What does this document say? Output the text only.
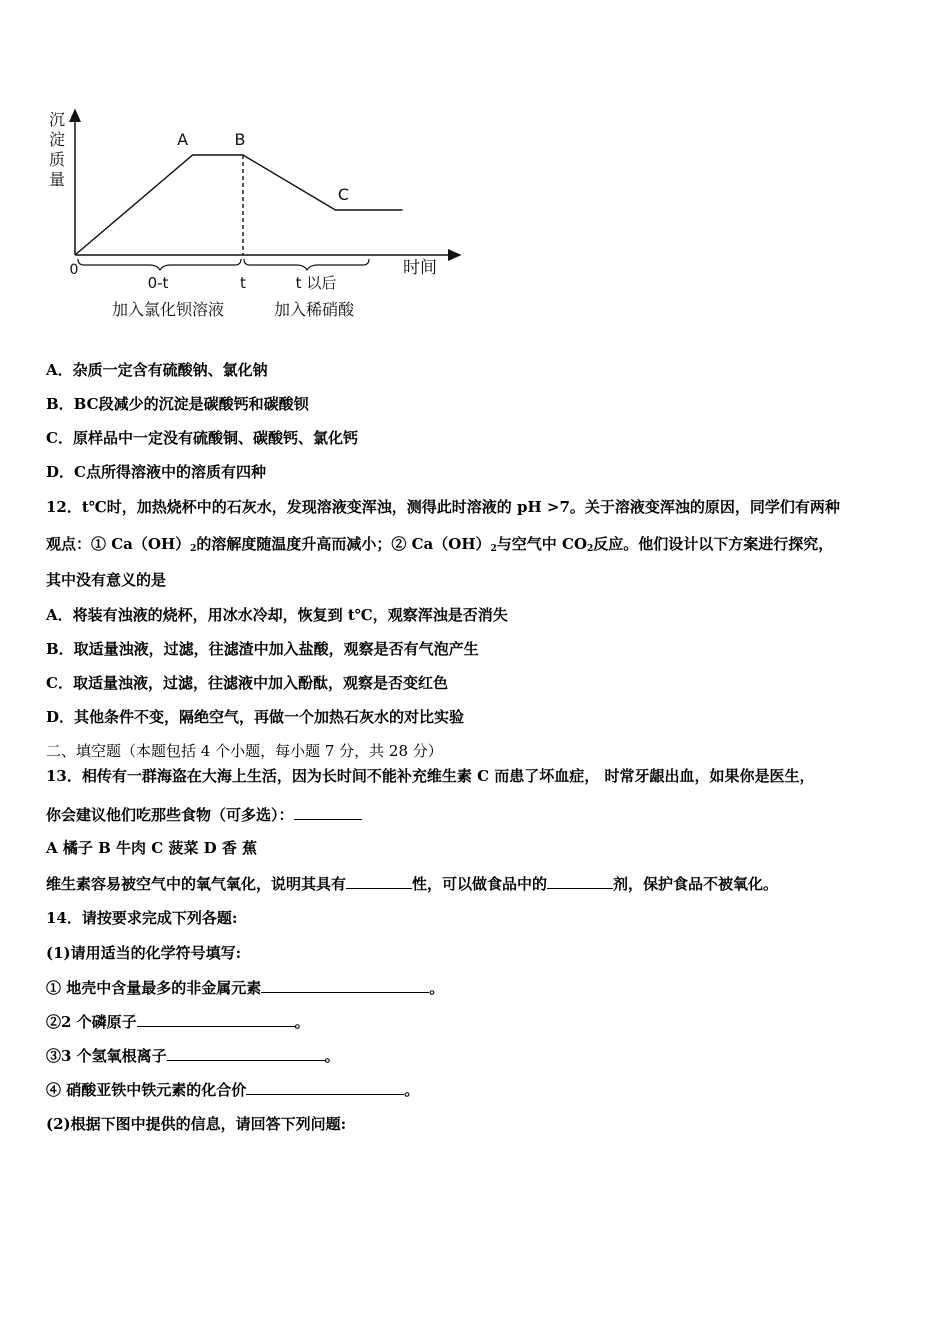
A	B
C
沉淀质量
时间
0
0-t	t	t 以后
加入氯化钡溶液	加入稀硝酸
A．杂质一定含有硫酸钠、氯化钠
B．BC段减少的沉淀是碳酸钙和碳酸钡
C．原样品中一定没有硫酸铜、碳酸钙、氯化钙
D．C点所得溶液中的溶质有四种
12．t℃时，加热烧杯中的石灰水，发现溶液变浑浊，测得此时溶液的 pH >7。关于溶液变浑浊的原因，同学们有两种
观点：① $Ca(OH)_2$的溶解度随温度升高而减小；② $Ca(OH)_2$与空气中 $CO_2$反应。他们设计以下方案进行探究，
其中没有意义的是
A．将装有浊液的烧杯，用冰水冷却，恢复到 t℃，观察浑浊是否消失
B．取适量浊液，过滤，往滤渣中加入盐酸，观察是否有气泡产生
C．取适量浊液，过滤，往滤液中加入酚酞，观察是否变红色
D．其他条件不变，隔绝空气，再做一个加热石灰水的对比实验
二、填空题（本题包括 4 个小题，每小题 7 分，共 28 分）
13．相传有一群海盗在大海上生活，因为长时间不能补充维生素 C 而患了坏血症， 时常牙龈出血，如果你是医生，
你会建议他们吃那些食物（可多选）：
A 橘子 B 牛肉 C 菠菜 D 香 蕉
维生素容易被空气中的氧气氧化，说明其具有	性，可以做食品中的	剂，保护食品不被氧化。
14．请按要求完成下列各题:
(1)请用适当的化学符号填写:
① 地壳中含量最多的非金属元素	。
②2 个磷原子	。
③3 个氢氧根离子	。
④ 硝酸亚铁中铁元素的化合价	。
(2)根据下图中提供的信息，请回答下列问题:
